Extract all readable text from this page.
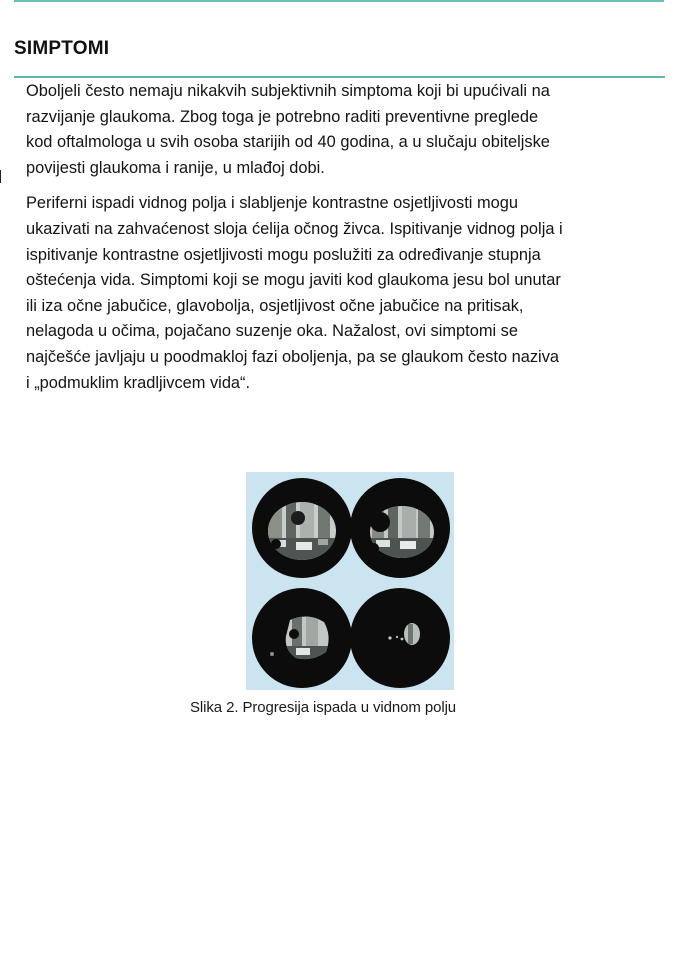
SIMPTOMI

Oboljeli često nemaju nikakvih subjektivnih simptoma koji bi upućivali na
razvijanje glaukoma. Zbog toga je potrebno raditi preventivne preglede
kod oftalmologa u svih osoba starijih od 40 godina, a u slučaju obiteljske
povijesti glaukoma i ranije, u mlađoj dobi.

Periferni ispadi vidnog polja i slabljenje kontrastne osjetljivosti mogu
ukazivati na zahvaćenost sloja ćelija očnog živca. Ispitivanje vidnog polja i
ispitivanje kontrastne osjetljivosti mogu poslužiti za određivanje stupnja
oštećenja vida. Simptomi koji se mogu javiti kod glaukoma jesu bol unutar
ili iza očne jabučice, glavobolja, osjetljivost očne jabučice na pritisak,
nelagoda u očima, pojačano suzenje oka. Nažalost, ovi simptomi se
najčešće javljaju u poodmakloj fazi oboljenja, pa se glaukom često naziva
i „podmuklim kradljivcem vida“.

Slika 2. Progresija ispada u vidnom polju
